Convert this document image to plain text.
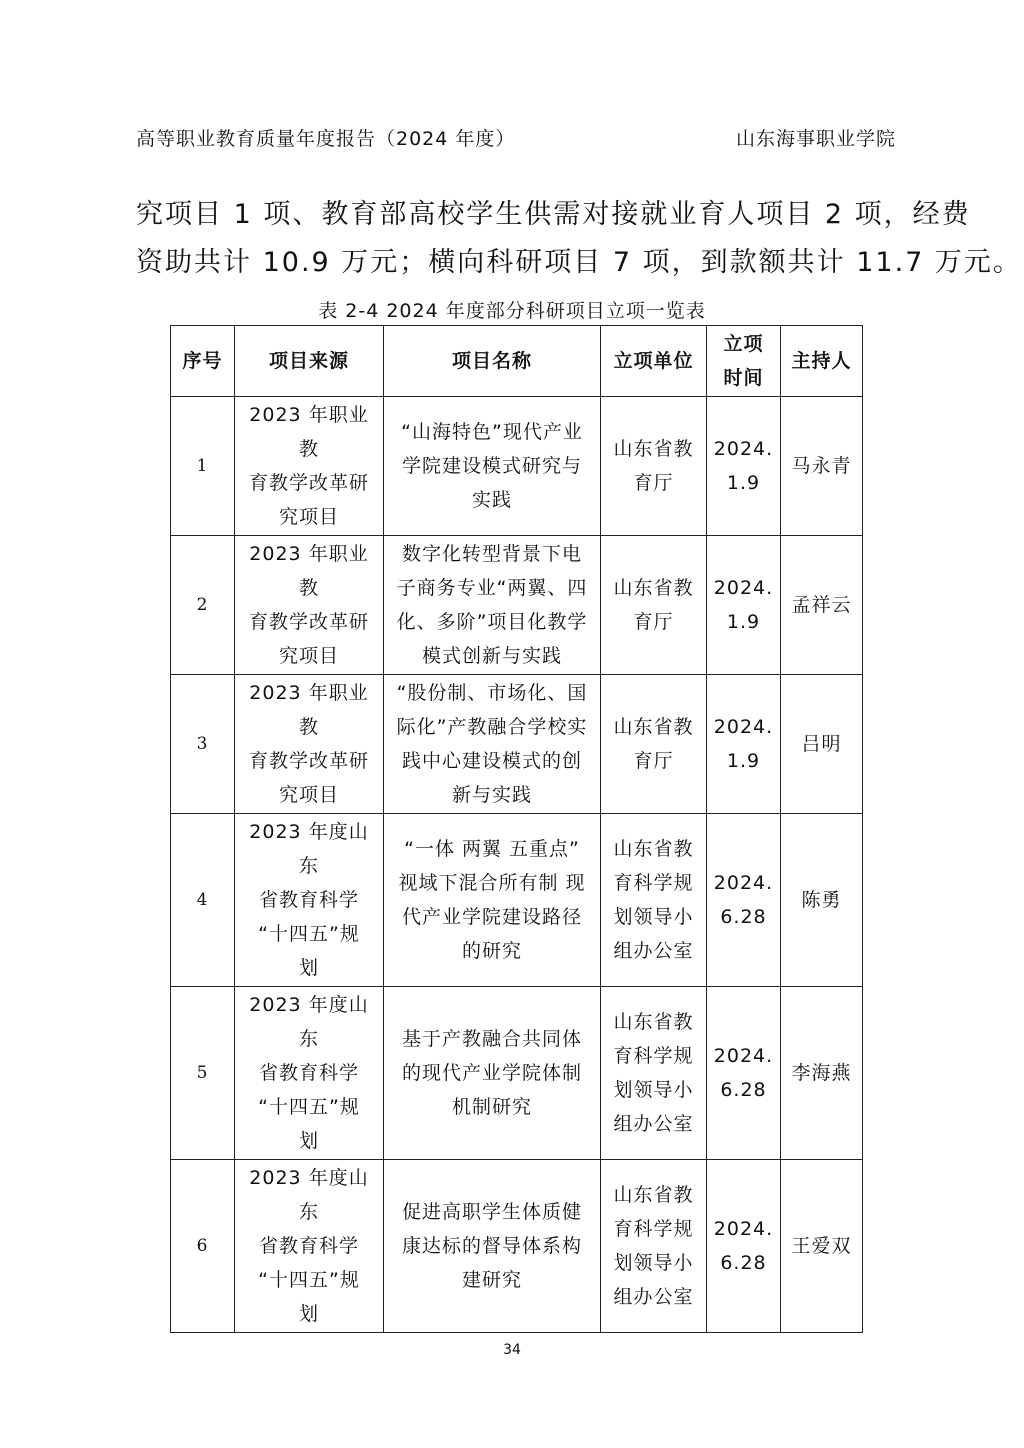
高等职业教育质量年度报告（2024 年度）	山东海事职业学院
究项目 1 项、教育部高校学生供需对接就业育人项目 2 项，经费
资助共计 10.9 万元；横向科研项目 7 项，到款额共计 11.7 万元。
表 2-4 2024 年度部分科研项目立项一览表
序号	项目来源	项目名称	立项单位	立项时间	主持人
1	2023 年职业教
育教学改革研
究项目	“山海特色”现代产业
学院建设模式研究与
实践	山东省教
育厅	2024.
1.9	马永青
2	2023 年职业教
育教学改革研
究项目	数字化转型背景下电
子商务专业“两翼、四
化、多阶”项目化教学
模式创新与实践	山东省教
育厅	2024.
1.9	孟祥云
3	2023 年职业教
育教学改革研
究项目	“股份制、市场化、国
际化”产教融合学校实
践中心建设模式的创
新与实践	山东省教
育厅	2024.
1.9	吕明
4	2023 年度山东
省教育科学
“十四五”规
划	“一体 两翼 五重点”
视域下混合所有制 现
代产业学院建设路径
的研究	山东省教
育科学规
划领导小
组办公室	2024.
6.28	陈勇
5	2023 年度山东
省教育科学
“十四五”规
划	基于产教融合共同体
的现代产业学院体制
机制研究	山东省教
育科学规
划领导小
组办公室	2024.
6.28	李海燕
6	2023 年度山东
省教育科学
“十四五”规
划	促进高职学生体质健
康达标的督导体系构
建研究	山东省教
育科学规
划领导小
组办公室	2024.
6.28	王爱双
34
